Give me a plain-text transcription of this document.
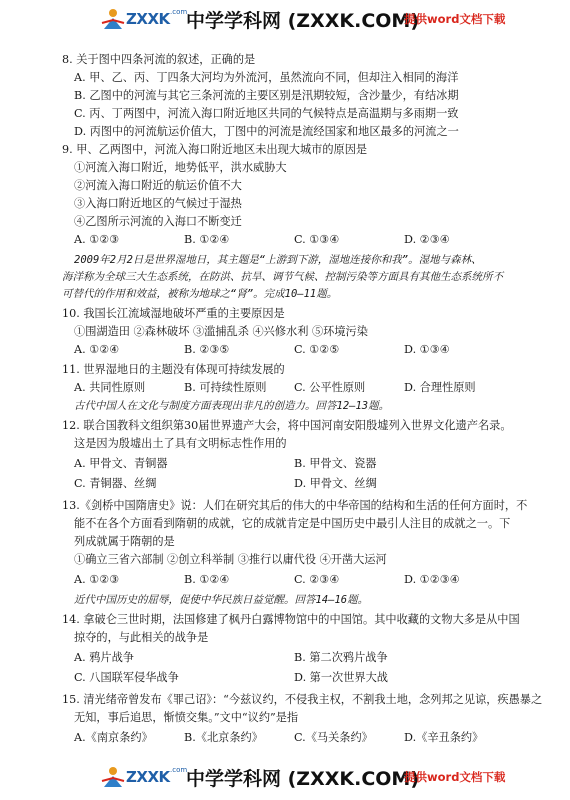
ZXXK .com
中学学科网 (ZXXK.COM)
提供word文档下载
8. 关于图中四条河流的叙述，正确的是
A. 甲、乙、丙、丁四条大河均为外流河，虽然流向不同，但却注入相同的海洋
B. 乙图中的河流与其它三条河流的主要区别是汛期较短，含沙量少，有结冰期
C. 丙、丁两图中，河流入海口附近地区共同的气候特点是高温期与多雨期一致
D. 丙图中的河流航运价值大，丁图中的河流是流经国家和地区最多的河流之一
9. 甲、乙两图中，河流入海口附近地区未出现大城市的原因是
①河流入海口附近，地势低平，洪水威胁大
②河流入海口附近的航运价值不大
③入海口附近地区的气候过于湿热
④乙图所示河流的入海口不断变迁
A. ①②③	B. ①②④	C. ①③④	D. ②③④
2009年2月2日是世界湿地日，其主题是“上游到下游，湿地连接你和我”。湿地与森林、
海洋称为全球三大生态系统，在防洪、抗旱、调节气候、控制污染等方面具有其他生态系统所不
可替代的作用和效益，被称为地球之“肾”。完成10—11题。
10. 我国长江流域湿地破坏严重的主要原因是
①围湖造田 ②森林破坏 ③滥捕乱杀 ④兴修水利 ⑤环境污染
A. ①②④	B. ②③⑤	C. ①②⑤	D. ①③④
11. 世界湿地日的主题没有体现可持续发展的
A. 共同性原则	B. 可持续性原则 C. 公平性原则	D. 合理性原则
古代中国人在文化与制度方面表现出非凡的创造力。回答12—13题。
12. 联合国教科文组织第30届世界遗产大会，将中国河南安阳殷墟列入世界文化遗产名录。
这是因为殷墟出土了具有文明标志性作用的
A. 甲骨文、青铜器	B. 甲骨文、瓷器
C. 青铜器、丝绸	D. 甲骨文、丝绸
13.《剑桥中国隋唐史》说：人们在研究其后的伟大的中华帝国的结构和生活的任何方面时，不
能不在各个方面看到隋朝的成就，它的成就肯定是中国历史中最引人注目的成就之一。下
列成就属于隋朝的是
①确立三省六部制 ②创立科举制 ③推行以庸代役 ④开凿大运河
A. ①②③	B. ①②④	C. ②③④	D. ①②③④
近代中国历史的屈辱，促使中华民族日益觉醒。回答14—16题。
14. 拿破仑三世时期，法国修建了枫丹白露博物馆中的中国馆。其中收藏的文物大多是从中国
掠夺的，与此相关的战争是
A. 鸦片战争	B. 第二次鸦片战争
C. 八国联军侵华战争	D. 第一次世界大战
15. 清光绪帝曾发布《罪己诏》：“今兹议约，不侵我主权，不割我土地，念列邦之见谅，疾愚暴之
无知，事后追思，惭愤交集。”文中“议约”是指
A.《南京条约》	B.《北京条约》	C.《马关条约》	D.《辛丑条约》
ZXXK .com
中学学科网 (ZXXK.COM)
提供word文档下载
